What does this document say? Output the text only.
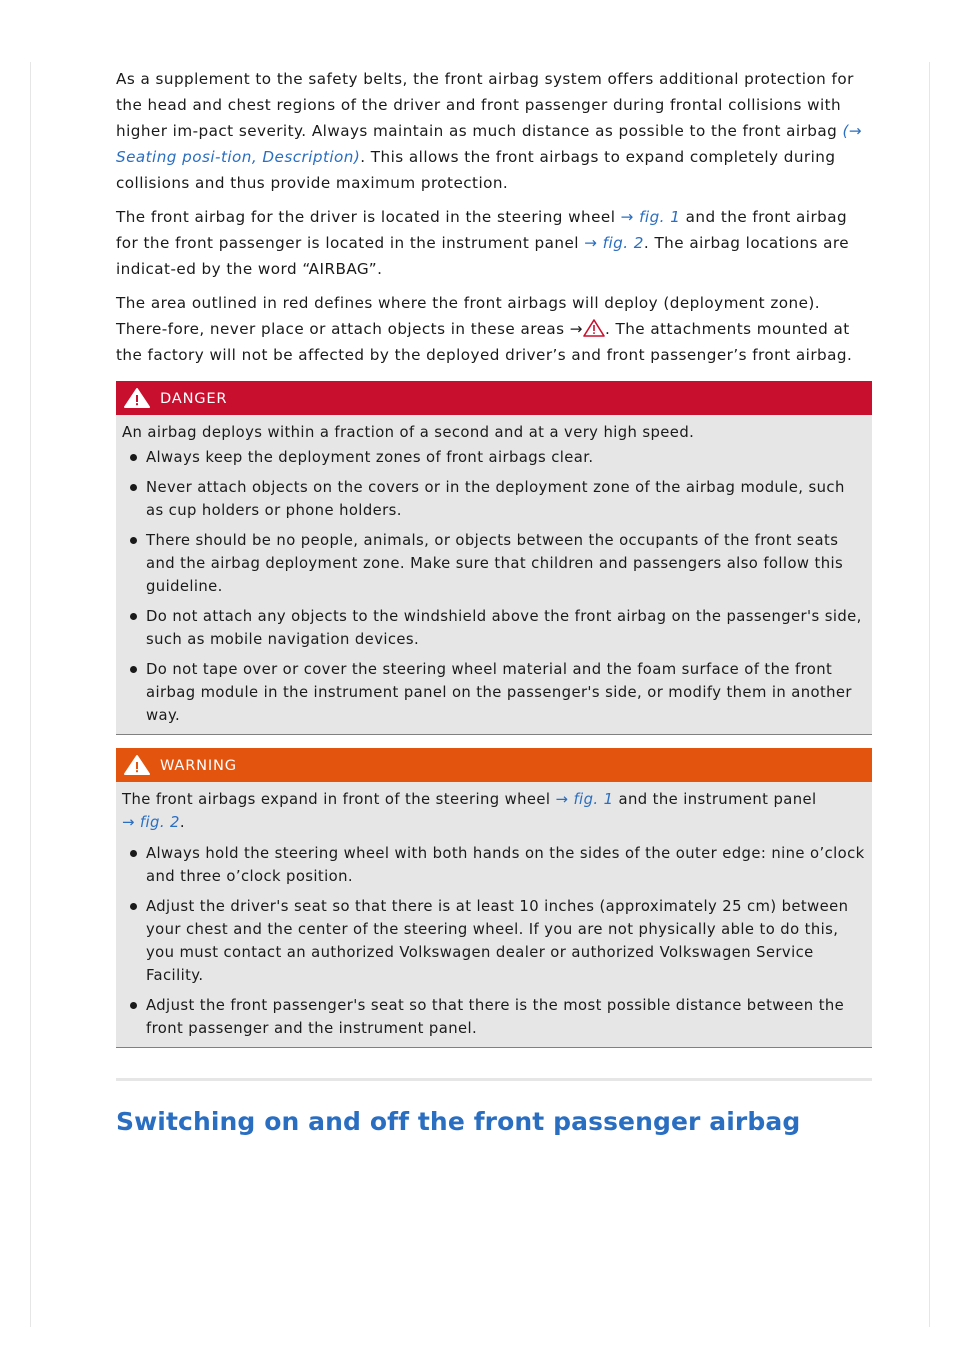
As a supplement to the safety belts, the front airbag system offers additional protection for the head and chest regions of the driver and front passenger during frontal collisions with higher im-pact severity. Always maintain as much distance as possible to the front airbag (→ Seating posi-tion, Description). This allows the front airbags to expand completely during collisions and thus provide maximum protection.

The front airbag for the driver is located in the steering wheel → fig. 1 and the front airbag for the front passenger is located in the instrument panel → fig. 2. The airbag locations are indicat-ed by the word “AIRBAG”.

The area outlined in red defines where the front airbags will deploy (deployment zone). There-fore, never place or attach objects in these areas → . The attachments mounted at the factory will not be affected by the deployed driver’s and front passenger’s front airbag.

DANGER

An airbag deploys within a fraction of a second and at a very high speed.

Always keep the deployment zones of front airbags clear.
Never attach objects on the covers or in the deployment zone of the airbag module, such as cup holders or phone holders.
There should be no people, animals, or objects between the occupants of the front seats and the airbag deployment zone. Make sure that children and passengers also follow this guideline.
Do not attach any objects to the windshield above the front airbag on the passenger's side, such as mobile navigation devices.
Do not tape over or cover the steering wheel material and the foam surface of the front airbag module in the instrument panel on the passenger's side, or modify them in another way.
WARNING

The front airbags expand in front of the steering wheel → fig. 1 and the instrument panel
→ fig. 2.

Always hold the steering wheel with both hands on the sides of the outer edge: nine o’clock and three o’clock position.
Adjust the driver's seat so that there is at least 10 inches (approximately 25 cm) between your chest and the center of the steering wheel. If you are not physically able to do this, you must contact an authorized Volkswagen dealer or authorized Volkswagen Service Facility.
Adjust the front passenger's seat so that there is the most possible distance between the front passenger and the instrument panel.
Switching on and off the front passenger airbag
